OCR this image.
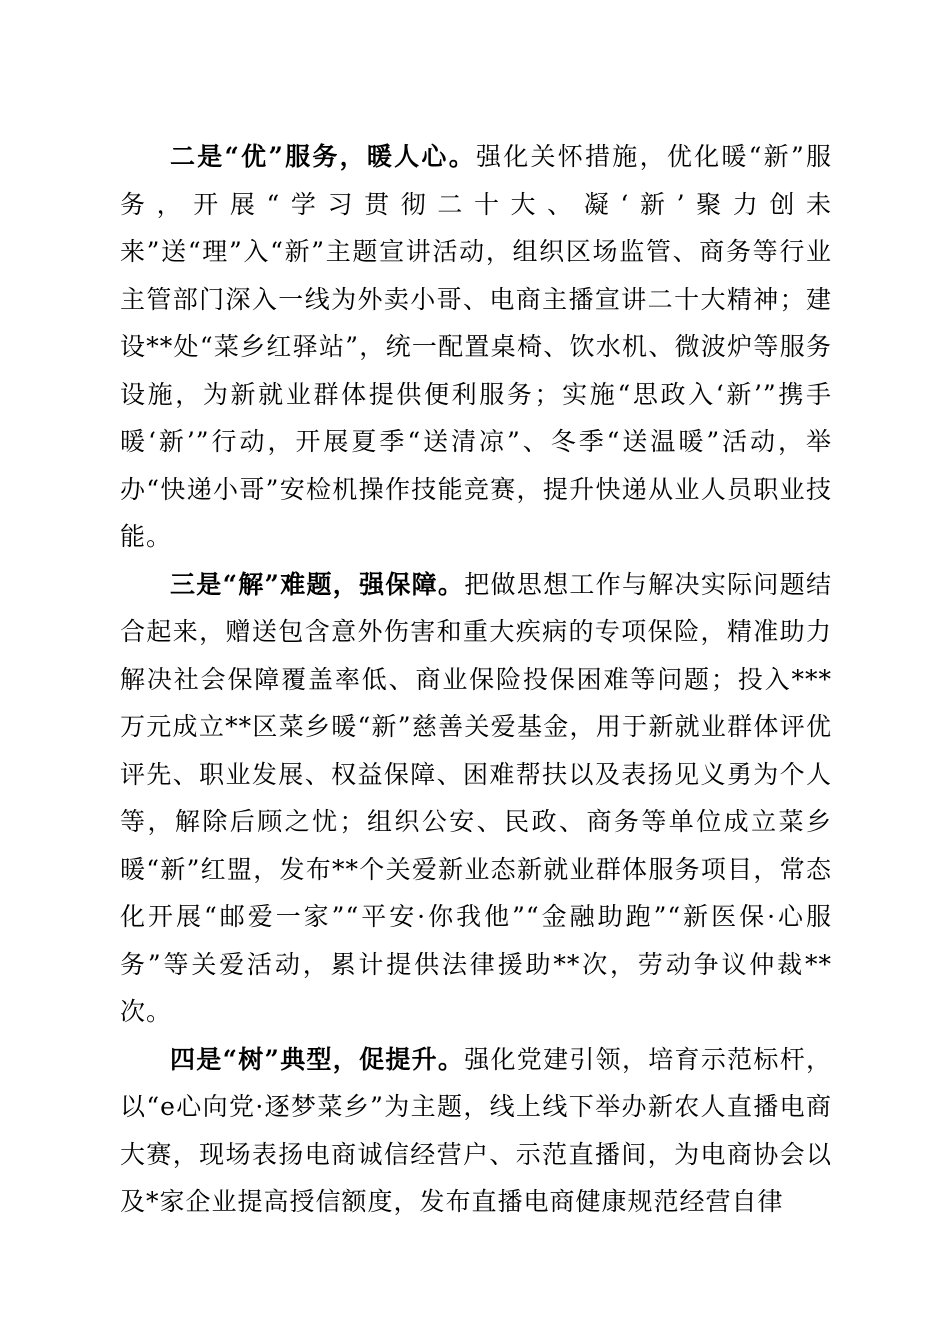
二是“优”服务，暖人心。强化关怀措施，优化暖“新”服务，开展“学习贯彻二十大、凝‘新’聚力创未来”送“理”入“新”主题宣讲活动，组织区场监管、商务等行业主管部门深入一线为外卖小哥、电商主播宣讲二十大精神；建设**处“菜乡红驿站”，统一配置桌椅、饮水机、微波炉等服务设施，为新就业群体提供便利服务；实施“思政入‘新’”携手暖‘新’”行动，开展夏季“送清凉”、冬季“送温暖”活动，举办“快递小哥”安检机操作技能竞赛，提升快递从业人员职业技能。

三是“解”难题，强保障。把做思想工作与解决实际问题结合起来，赠送包含意外伤害和重大疾病的专项保险，精准助力解决社会保障覆盖率低、商业保险投保困难等问题；投入***万元成立**区菜乡暖“新”慈善关爱基金，用于新就业群体评优评先、职业发展、权益保障、困难帮扶以及表扬见义勇为个人等，解除后顾之忧；组织公安、民政、商务等单位成立菜乡暖“新”红盟，发布**个关爱新业态新就业群体服务项目，常态化开展“邮爱一家”“平安·你我他”“金融助跑”“新医保·心服务”等关爱活动，累计提供法律援助**次，劳动争议仲裁**次。

四是“树”典型，促提升。强化党建引领，培育示范标杆，以“e心向党·逐梦菜乡”为主题，线上线下举办新农人直播电商大赛，现场表扬电商诚信经营户、示范直播间，为电商协会以及*家企业提高授信额度，发布直播电商健康规范经营自律
